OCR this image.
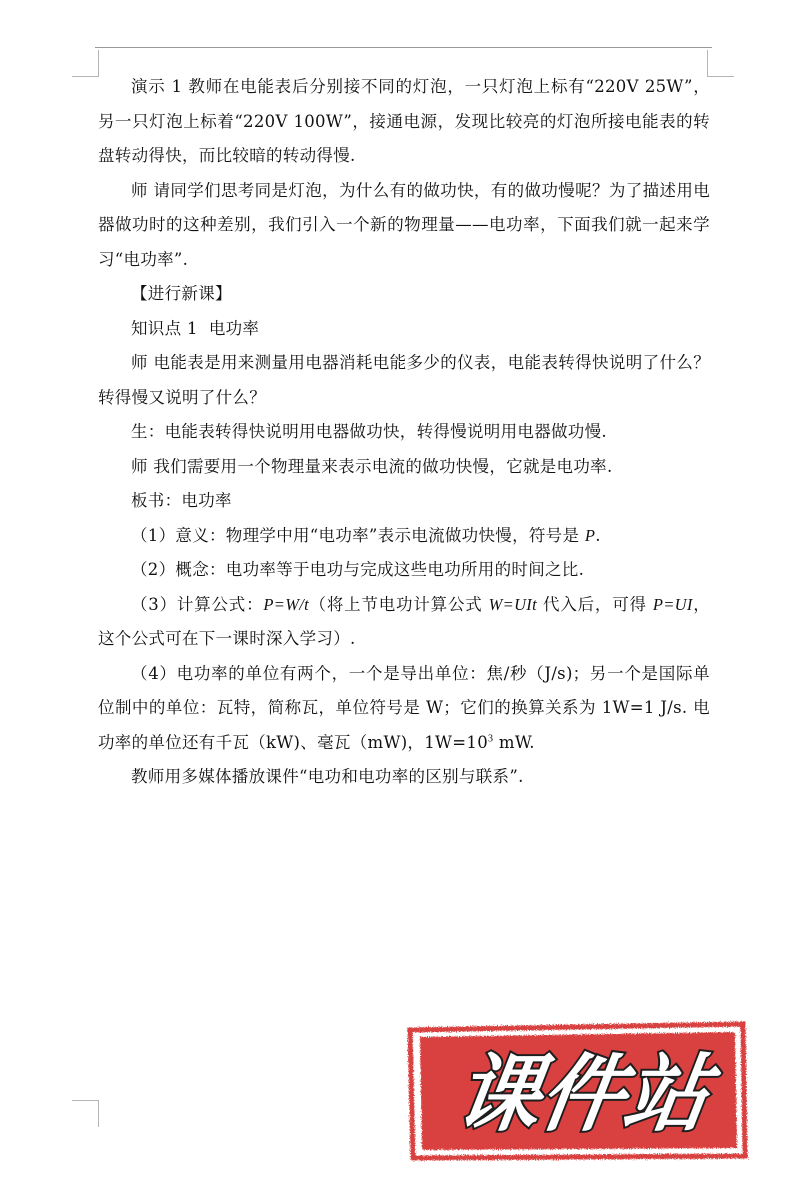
演示 1 教师在电能表后分别接不同的灯泡，一只灯泡上标有“220V 25W”，另一只灯泡上标着“220V 100W”，接通电源，发现比较亮的灯泡所接电能表的转盘转动得快，而比较暗的转动得慢.

师 请同学们思考同是灯泡，为什么有的做功快，有的做功慢呢？为了描述用电器做功时的这种差别，我们引入一个新的物理量——电功率，下面我们就一起来学习“电功率”.

【进行新课】

知识点 1  电功率

师 电能表是用来测量用电器消耗电能多少的仪表，电能表转得快说明了什么？转得慢又说明了什么？

生：电能表转得快说明用电器做功快，转得慢说明用电器做功慢.

师 我们需要用一个物理量来表示电流的做功快慢，它就是电功率.

板书：电功率

（1）意义：物理学中用“电功率”表示电流做功快慢，符号是 P.

（2）概念：电功率等于电功与完成这些电功所用的时间之比.

（3）计算公式：P=W/t（将上节电功计算公式 W=UIt 代入后，可得 P=UI，这个公式可在下一课时深入学习）.

（4）电功率的单位有两个，一个是导出单位：焦/秒（J/s)；另一个是国际单位制中的单位：瓦特，简称瓦，单位符号是 W；它们的换算关系为 1W=1 J/s. 电功率的单位还有千瓦（kW)、毫瓦（mW)，$1W=10^3$ mW.

教师用多媒体播放课件“电功和电功率的区别与联系”.

课件站
